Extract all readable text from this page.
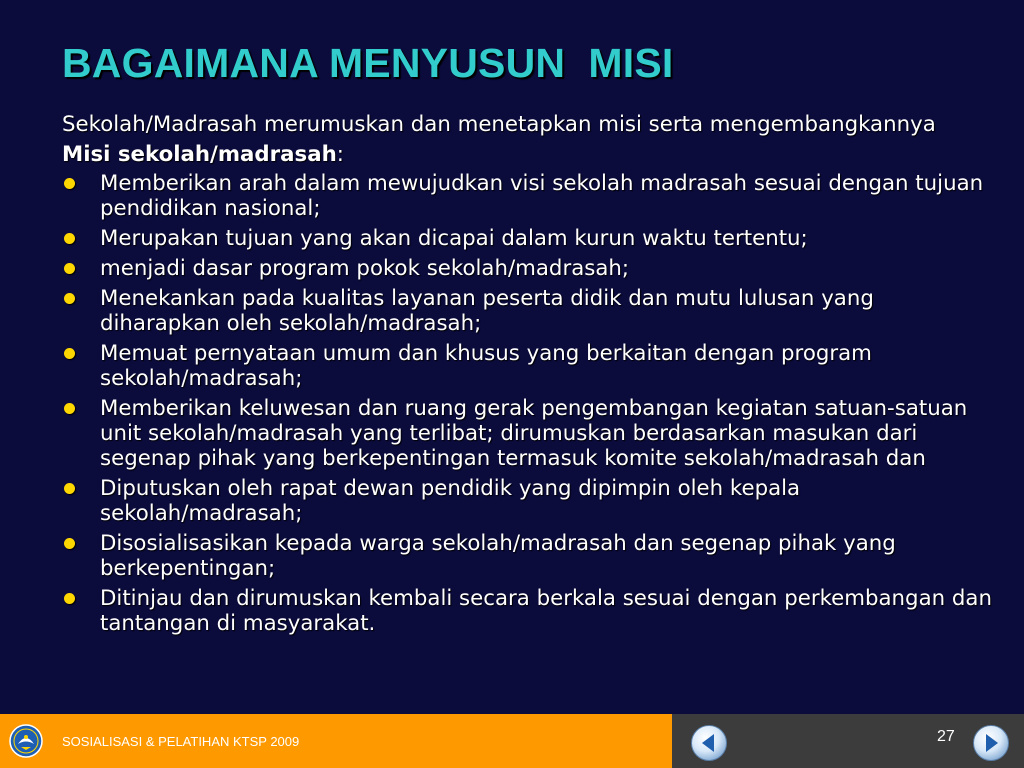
BAGAIMANA MENYUSUN  MISI

Sekolah/Madrasah merumuskan dan menetapkan misi serta mengembangkannya

Misi sekolah/madrasah:

Memberikan arah dalam mewujudkan visi sekolah madrasah sesuai dengan tujuan pendidikan nasional;
Merupakan tujuan yang akan dicapai dalam kurun waktu tertentu;
menjadi dasar program pokok sekolah/madrasah;
Menekankan pada kualitas layanan peserta didik dan mutu lulusan yang diharapkan oleh sekolah/madrasah;
Memuat pernyataan umum dan khusus yang berkaitan dengan program sekolah/madrasah;
Memberikan keluwesan dan ruang gerak pengembangan kegiatan satuan-satuan unit sekolah/madrasah yang terlibat; dirumuskan berdasarkan masukan dari segenap pihak yang berkepentingan termasuk komite sekolah/madrasah dan
Diputuskan oleh rapat dewan pendidik yang dipimpin oleh kepala sekolah/madrasah;
Disosialisasikan kepada warga sekolah/madrasah dan segenap pihak yang berkepentingan;
Ditinjau dan dirumuskan kembali secara berkala sesuai dengan perkembangan dan tantangan di masyarakat.
SOSIALISASI & PELATIHAN KTSP 2009	27
